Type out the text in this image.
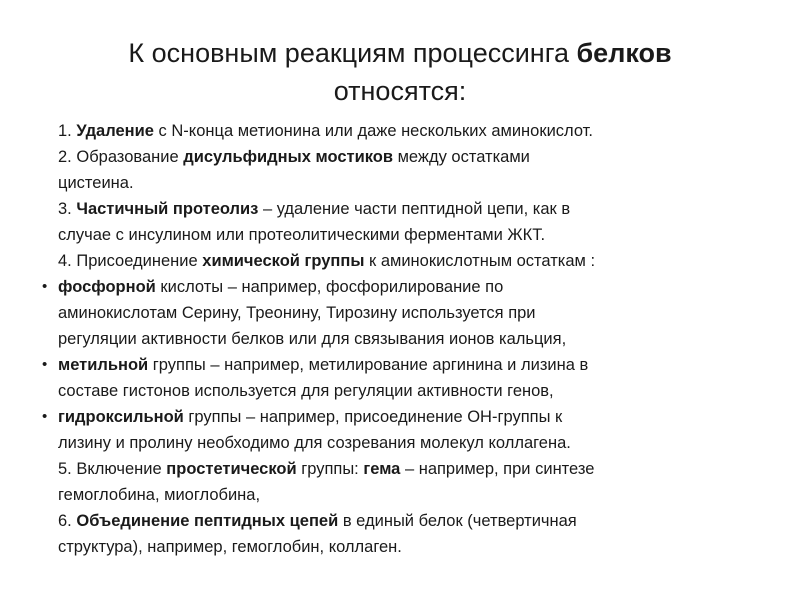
К основным реакциям процессинга белков
относятся:

1. Удаление с N-конца метионина или даже нескольких аминокислот.

2. Образование дисульфидных мостиков между остатками
цистеина.

3. Частичный протеолиз – удаление части пептидной цепи, как в
случае с инсулином или протеолитическими ферментами ЖКТ.

4. Присоединение химической группы к аминокислотным остаткам :

• фосфорной кислоты – например, фосфорилирование по
аминокислотам Серину, Треонину, Тирозину используется при
регуляции активности белков или для связывания ионов кальция,

• метильной группы – например, метилирование аргинина и лизина в
составе гистонов используется для регуляции активности генов,

• гидроксильной группы – например, присоединение ОН-группы к
лизину и пролину необходимо для созревания молекул коллагена.

5. Включение простетической группы: гема – например, при синтезе
гемоглобина, миоглобина,

6. Объединение пептидных цепей в единый белок (четвертичная
структура), например, гемоглобин, коллаген.
